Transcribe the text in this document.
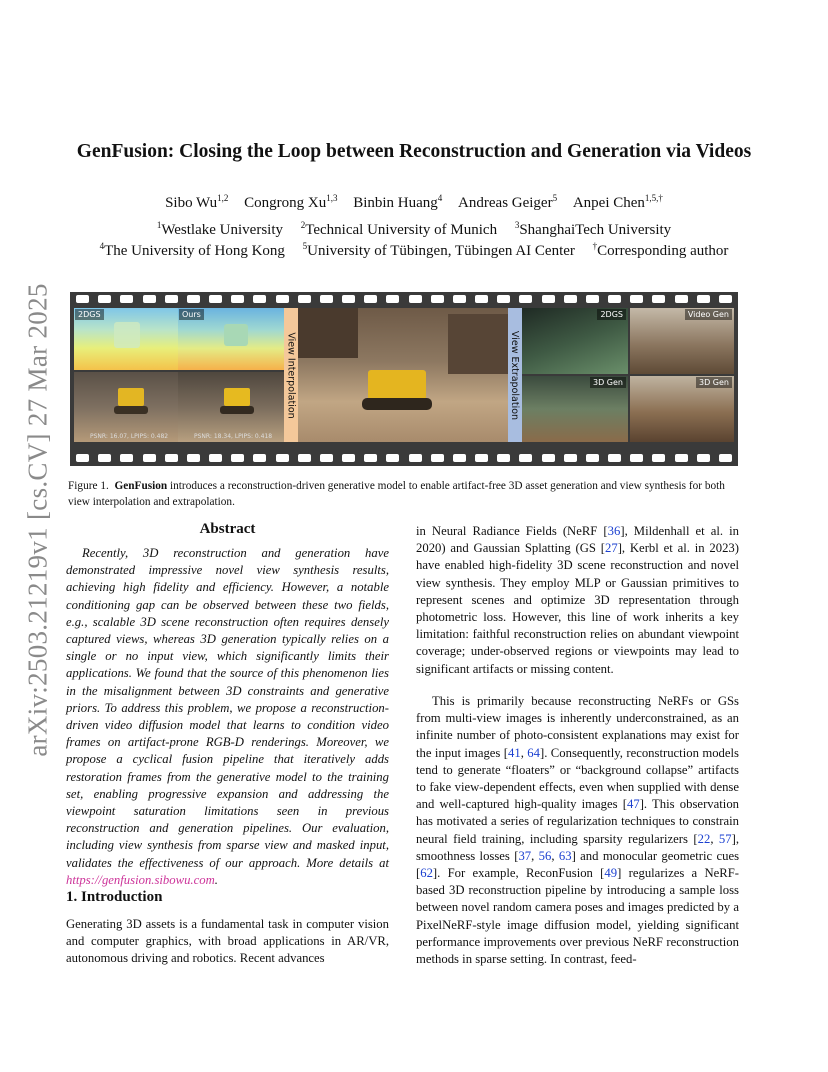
arXiv:2503.21219v1 [cs.CV] 27 Mar 2025
GenFusion: Closing the Loop between Reconstruction and Generation via Videos
Sibo Wu$^{1,2}$ Congrong Xu$^{1,3}$ Binbin Huang$^4$ Andreas Geiger$^5$ Anpei Chen$^{1,5,\dagger}$
$^1$Westlake University $^2$Technical University of Munich $^3$ShanghaiTech University
$^4$The University of Hong Kong $^5$University of Tübingen, Tübingen AI Center †Corresponding author
2DGS	Ours
PSNR: 16.07, LPIPS: 0.482	PSNR: 18.34, LPIPS: 0.418
View Interpolation	View Extrapolation
2DGS	Video Gen
3D Gen	3D Gen
Figure 1. GenFusion introduces a reconstruction-driven generative model to enable artifact-free 3D asset generation and view synthesis for both view interpolation and extrapolation.
Abstract
Recently, 3D reconstruction and generation have demonstrated impressive novel view synthesis results, achieving high fidelity and efficiency. However, a notable conditioning gap can be observed between these two fields, e.g., scalable 3D scene reconstruction often requires densely captured views, whereas 3D generation typically relies on a single or no input view, which significantly limits their applications. We found that the source of this phenomenon lies in the misalignment between 3D constraints and generative priors. To address this problem, we propose a reconstruction-driven video diffusion model that learns to condition video frames on artifact-prone RGB-D renderings. Moreover, we propose a cyclical fusion pipeline that iteratively adds restoration frames from the generative model to the training set, enabling progressive expansion and addressing the viewpoint saturation limitations seen in previous reconstruction and generation pipelines. Our evaluation, including view synthesis from sparse view and masked input, validates the effectiveness of our approach. More details at https://genfusion.sibowu.com.
1. Introduction
Generating 3D assets is a fundamental task in computer vision and computer graphics, with broad applications in AR/VR, autonomous driving and robotics. Recent advances
in Neural Radiance Fields (NeRF [36], Mildenhall et al. in 2020) and Gaussian Splatting (GS [27], Kerbl et al. in 2023) have enabled high-fidelity 3D scene reconstruction and novel view synthesis. They employ MLP or Gaussian primitives to represent scenes and optimize 3D representation through photometric loss. However, this line of work inherits a key limitation: faithful reconstruction relies on abundant viewpoint coverage; under-observed regions or viewpoints may lead to significant artifacts or missing content.
This is primarily because reconstructing NeRFs or GSs from multi-view images is inherently underconstrained, as an infinite number of photo-consistent explanations may exist for the input images [41, 64]. Consequently, reconstruction models tend to generate “floaters” or “background collapse” artifacts to fake view-dependent effects, even when supplied with dense and well-captured high-quality images [47]. This observation has motivated a series of regularization techniques to constrain neural field training, including sparsity regularizers [22, 57], smoothness losses [37, 56, 63] and monocular geometric cues [62]. For example, ReconFusion [49] regularizes a NeRF-based 3D reconstruction pipeline by introducing a sample loss between novel random camera poses and images predicted by a PixelNeRF-style image diffusion model, yielding significant performance improvements over previous NeRF reconstruction methods in sparse setting. In contrast, feed-
